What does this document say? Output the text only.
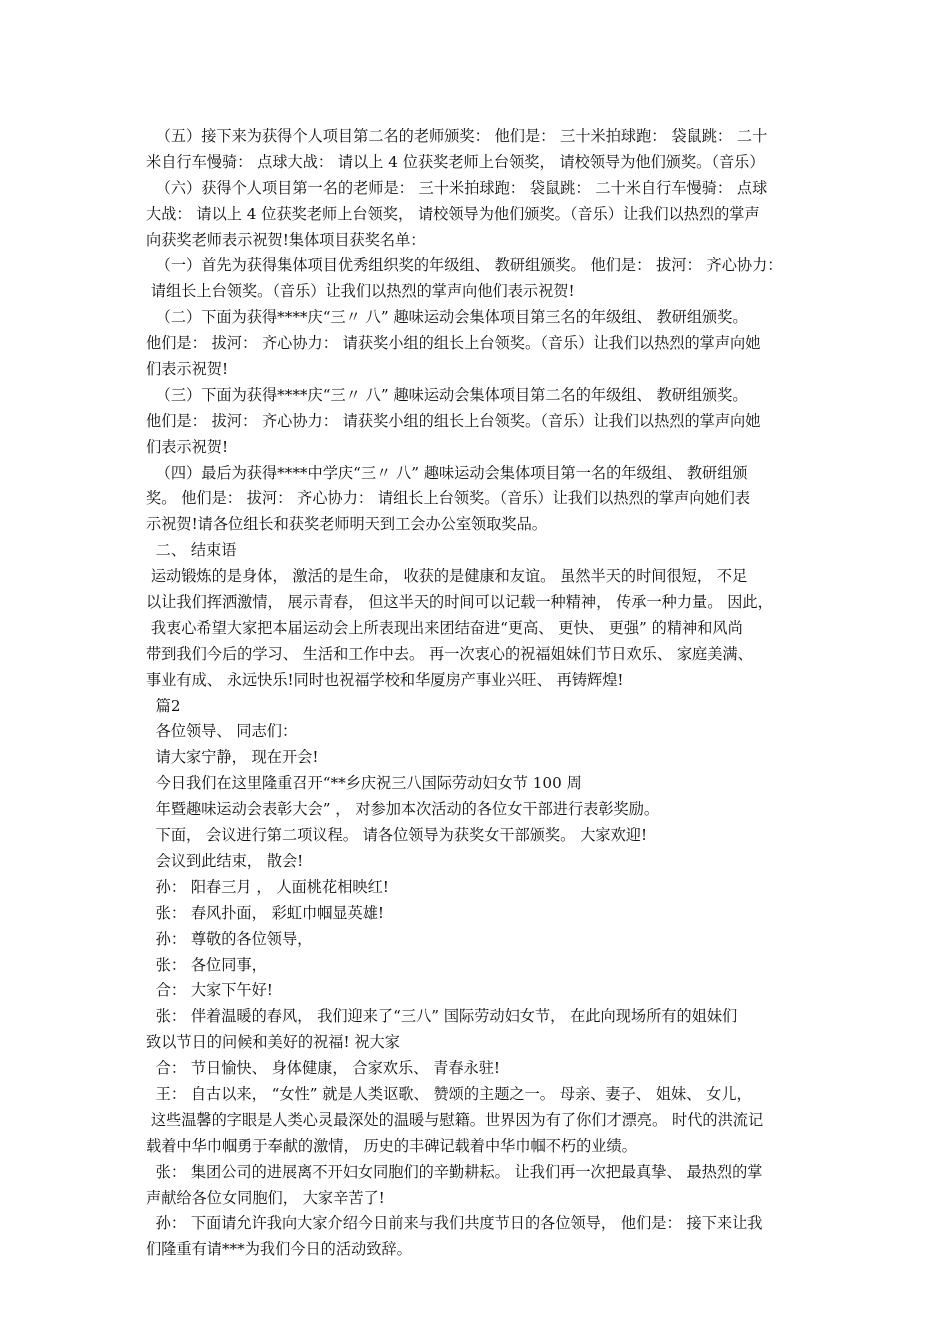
（五）接下来为获得个人项目第二名的老师颁奖： 他们是： 三十米拍球跑： 袋鼠跳： 二十
米自行车慢骑： 点球大战： 请以上 4 位获奖老师上台领奖， 请校领导为他们颁奖。（音乐）
（六）获得个人项目第一名的老师是： 三十米拍球跑： 袋鼠跳： 二十米自行车慢骑： 点球
大战： 请以上 4 位获奖老师上台领奖， 请校领导为他们颁奖。（音乐）让我们以热烈的掌声
向获奖老师表示祝贺!集体项目获奖名单：
（一）首先为获得集体项目优秀组织奖的年级组、 教研组颁奖。 他们是： 拔河： 齐心协力：
请组长上台领奖。（音乐）让我们以热烈的掌声向他们表示祝贺!
（二）下面为获得****庆“三〃 八” 趣味运动会集体项目第三名的年级组、 教研组颁奖。
他们是： 拔河： 齐心协力： 请获奖小组的组长上台领奖。（音乐）让我们以热烈的掌声向她
们表示祝贺!
（三）下面为获得****庆“三〃 八” 趣味运动会集体项目第二名的年级组、 教研组颁奖。
他们是： 拔河： 齐心协力： 请获奖小组的组长上台领奖。（音乐）让我们以热烈的掌声向她
们表示祝贺!
（四）最后为获得****中学庆“三〃 八” 趣味运动会集体项目第一名的年级组、 教研组颁
奖。 他们是： 拔河： 齐心协力： 请组长上台领奖。（音乐）让我们以热烈的掌声向她们表
示祝贺!请各位组长和获奖老师明天到工会办公室领取奖品。
二、 结束语
运动锻炼的是身体， 激活的是生命， 收获的是健康和友谊。 虽然半天的时间很短， 不足
以让我们挥洒激情， 展示青春， 但这半天的时间可以记载一种精神， 传承一种力量。 因此，
我衷心希望大家把本届运动会上所表现出来团结奋进“更高、 更快、 更强” 的精神和风尚
带到我们今后的学习、 生活和工作中去。 再一次衷心的祝福姐妹们节日欢乐、 家庭美满、
事业有成、 永远快乐!同时也祝福学校和华厦房产事业兴旺、 再铸辉煌!
篇2
各位领导、 同志们：
请大家宁静， 现在开会!
今日我们在这里隆重召开“**乡庆祝三八国际劳动妇女节 100 周
年暨趣味运动会表彰大会” ， 对参加本次活动的各位女干部进行表彰奖励。
下面， 会议进行第二项议程。 请各位领导为获奖女干部颁奖。 大家欢迎!
会议到此结束， 散会!
孙： 阳春三月 ， 人面桃花相映红!
张： 春风扑面， 彩虹巾帼显英雄!
孙： 尊敬的各位领导，
张： 各位同事，
合： 大家下午好!
张： 伴着温暖的春风， 我们迎来了“三八” 国际劳动妇女节， 在此向现场所有的姐妹们
致以节日的问候和美好的祝福! 祝大家
合： 节日愉快、 身体健康， 合家欢乐、 青春永驻!
王： 自古以来， “女性” 就是人类讴歌、 赞颂的主题之一。 母亲、妻子、 姐妹、 女儿，
这些温馨的字眼是人类心灵最深处的温暖与慰籍。世界因为有了你们才漂亮。 时代的洪流记
载着中华巾帼勇于奉献的激情， 历史的丰碑记载着中华巾帼不朽的业绩。
张： 集团公司的进展离不开妇女同胞们的辛勤耕耘。 让我们再一次把最真挚、 最热烈的掌
声献给各位女同胞们， 大家辛苦了!
孙： 下面请允许我向大家介绍今日前来与我们共度节日的各位领导， 他们是： 接下来让我
们隆重有请***为我们今日的活动致辞。
